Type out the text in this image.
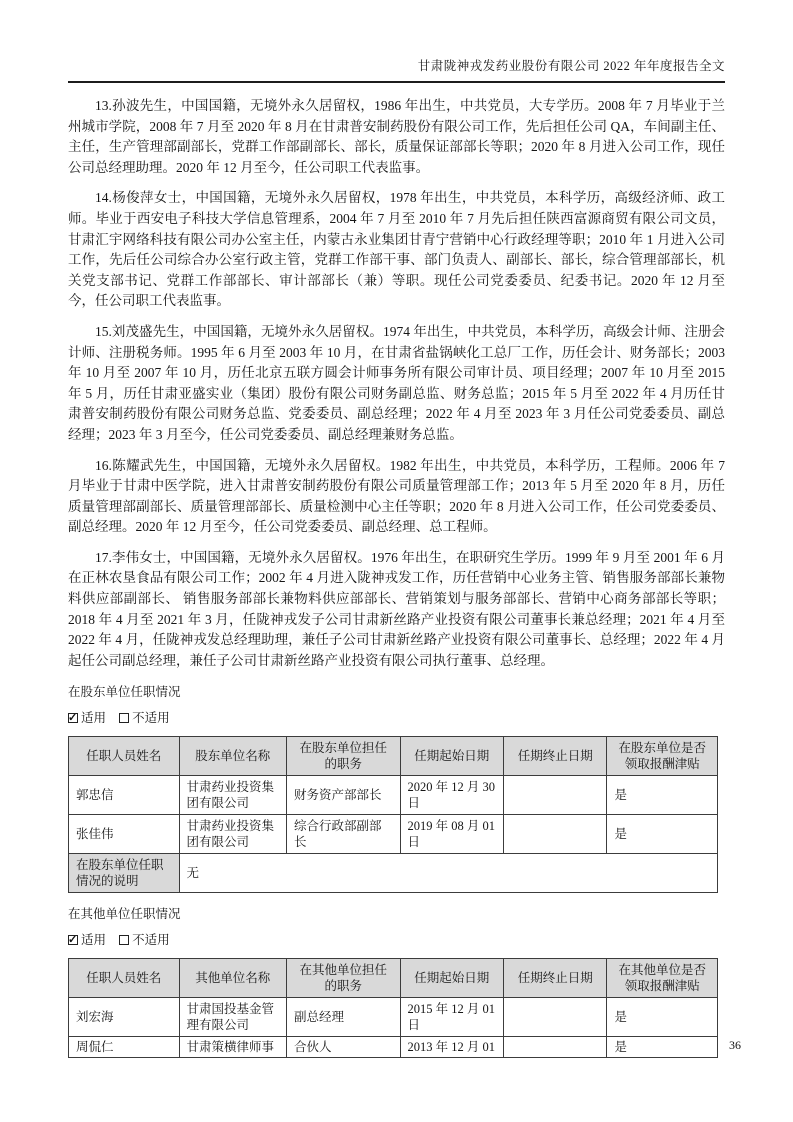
甘肃陇神戎发药业股份有限公司 2022 年年度报告全文

13.孙波先生，中国国籍，无境外永久居留权，1986 年出生，中共党员，大专学历。2008 年 7 月毕业于兰州城市学院，2008 年 7 月至 2020 年 8 月在甘肃普安制药股份有限公司工作，先后担任公司 QA，车间副主任、主任，生产管理部副部长，党群工作部副部长、部长，质量保证部部长等职；2020 年 8 月进入公司工作，现任公司总经理助理。2020 年 12 月至今，任公司职工代表监事。

14.杨俊萍女士，中国国籍，无境外永久居留权，1978 年出生，中共党员，本科学历，高级经济师、政工师。毕业于西安电子科技大学信息管理系，2004 年 7 月至 2010 年 7 月先后担任陕西富源商贸有限公司文员，甘肃汇宇网络科技有限公司办公室主任，内蒙古永业集团甘青宁营销中心行政经理等职；2010 年 1 月进入公司工作，先后任公司综合办公室行政主管，党群工作部干事、部门负责人、副部长、部长，综合管理部部长，机关党支部书记、党群工作部部长、审计部部长（兼）等职。现任公司党委委员、纪委书记。2020 年 12 月至今，任公司职工代表监事。

15.刘茂盛先生，中国国籍，无境外永久居留权。1974 年出生，中共党员，本科学历，高级会计师、注册会计师、注册税务师。1995 年 6 月至 2003 年 10 月，在甘肃省盐锅峡化工总厂工作，历任会计、财务部长；2003 年 10 月至 2007 年 10 月，历任北京五联方圆会计师事务所有限公司审计员、项目经理；2007 年 10 月至 2015 年 5 月，历任甘肃亚盛实业（集团）股份有限公司财务副总监、财务总监；2015 年 5 月至 2022 年 4 月历任甘肃普安制药股份有限公司财务总监、党委委员、副总经理；2022 年 4 月至 2023 年 3 月任公司党委委员、副总经理；2023 年 3 月至今，任公司党委委员、副总经理兼财务总监。

16.陈耀武先生，中国国籍，无境外永久居留权。1982 年出生，中共党员，本科学历，工程师。2006 年 7 月毕业于甘肃中医学院，进入甘肃普安制药股份有限公司质量管理部工作；2013 年 5 月至 2020 年 8 月，历任质量管理部副部长、质量管理部部长、质量检测中心主任等职；2020 年 8 月进入公司工作，任公司党委委员、副总经理。2020 年 12 月至今，任公司党委委员、副总经理、总工程师。

17.李伟女士，中国国籍，无境外永久居留权。1976 年出生，在职研究生学历。1999 年 9 月至 2001 年 6 月在正林农垦食品有限公司工作；2002 年 4 月进入陇神戎发工作，历任营销中心业务主管、销售服务部部长兼物料供应部副部长、 销售服务部部长兼物料供应部部长、营销策划与服务部部长、营销中心商务部部长等职；2018 年 4 月至 2021 年 3 月，任陇神戎发子公司甘肃新丝路产业投资有限公司董事长兼总经理；2021 年 4 月至 2022 年 4 月，任陇神戎发总经理助理，兼任子公司甘肃新丝路产业投资有限公司董事长、总经理；2022 年 4 月起任公司副总经理，兼任子公司甘肃新丝路产业投资有限公司执行董事、总经理。

在股东单位任职情况
✓适用 不适用
任职人员姓名	股东单位名称	在股东单位担任的职务	任期起始日期	任期终止日期	在股东单位是否领取报酬津贴
郭忠信	甘肃药业投资集团有限公司	财务资产部部长	2020 年 12 月 30 日		是
张佳伟	甘肃药业投资集团有限公司	综合行政部副部长	2019 年 08 月 01 日		是
在股东单位任职情况的说明	无				
在其他单位任职情况
✓适用 不适用
任职人员姓名	其他单位名称	在其他单位担任的职务	任期起始日期	任期终止日期	在其他单位是否领取报酬津贴
刘宏海	甘肃国投基金管理有限公司	副总经理	2015 年 12 月 01 日		是
周侃仁	甘肃策横律师事	合伙人	2013 年 12 月 01		是	36
